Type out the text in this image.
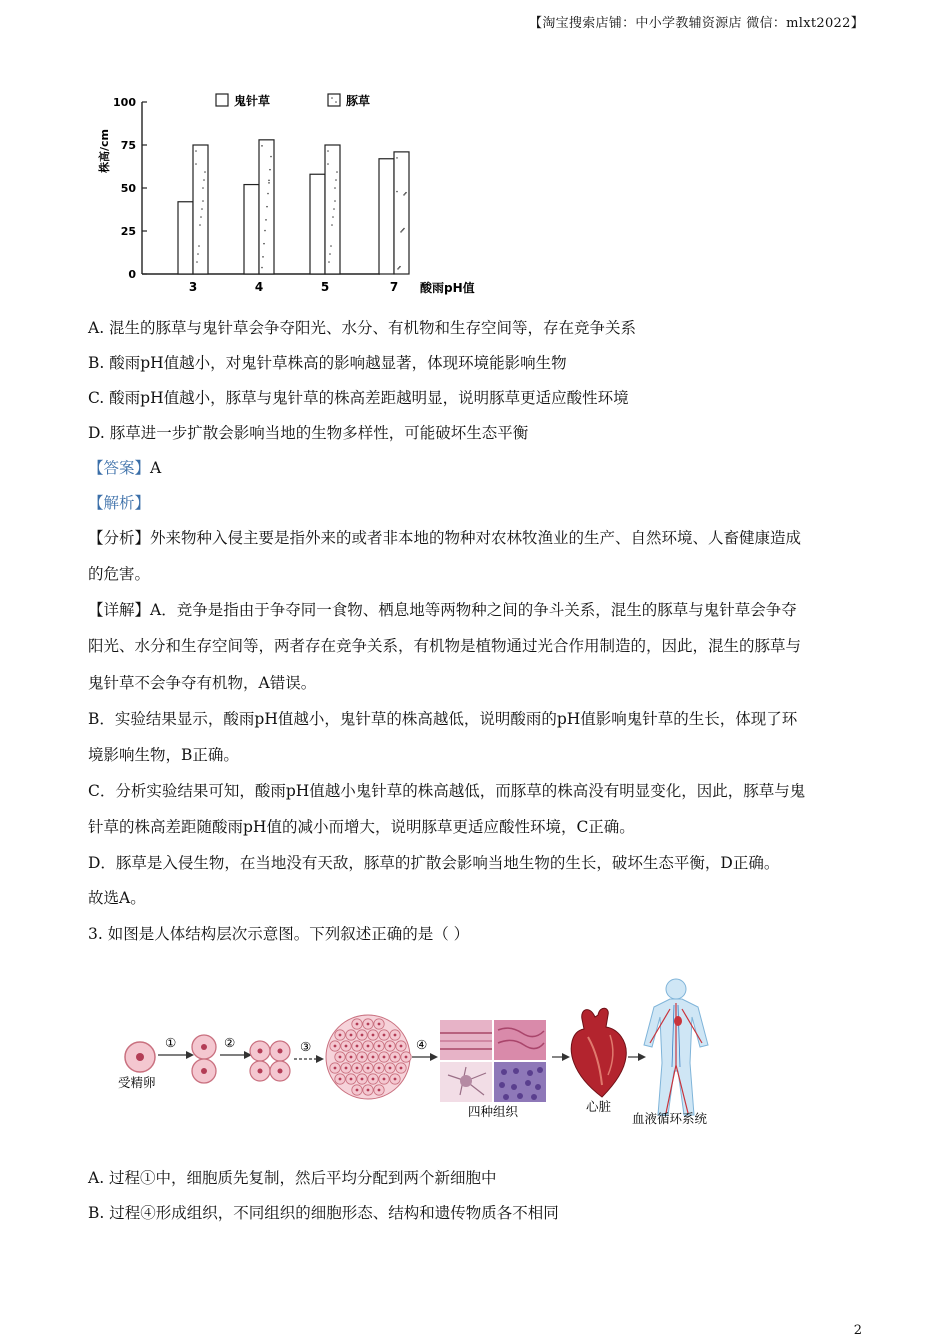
【淘宝搜索店铺：中小学教辅资源店 微信：mlxt2022】
0
25
50
75
100
株高/cm
3	4	5	7 酸雨pH值
鬼针草	豚草
A. 混生的豚草与鬼针草会争夺阳光、水分、有机物和生存空间等，存在竞争关系
B. 酸雨pH值越小，对鬼针草株高的影响越显著，体现环境能影响生物
C. 酸雨pH值越小，豚草与鬼针草的株高差距越明显，说明豚草更适应酸性环境
D. 豚草进一步扩散会影响当地的生物多样性，可能破坏生态平衡
【答案】A
【解析】
【分析】外来物种入侵主要是指外来的或者非本地的物种对农林牧渔业的生产、自然环境、人畜健康造成
的危害。
【详解】A．竞争是指由于争夺同一食物、栖息地等两物种之间的争斗关系，混生的豚草与鬼针草会争夺
阳光、水分和生存空间等，两者存在竞争关系，有机物是植物通过光合作用制造的，因此，混生的豚草与
鬼针草不会争夺有机物，A错误。
B．实验结果显示，酸雨pH值越小，鬼针草的株高越低，说明酸雨的pH值影响鬼针草的生长，体现了环
境影响生物，B正确。
C．分析实验结果可知，酸雨pH值越小鬼针草的株高越低，而豚草的株高没有明显变化，因此，豚草与鬼
针草的株高差距随酸雨pH值的减小而增大，说明豚草更适应酸性环境，C正确。
D．豚草是入侵生物，在当地没有天敌，豚草的扩散会影响当地生物的生长，破坏生态平衡，D正确。
故选A。
3. 如图是人体结构层次示意图。下列叙述正确的是（ ）
受精卵
①	②	③	④
四种组织	心脏
血液循环系统
A. 过程①中，细胞质先复制，然后平均分配到两个新细胞中
B. 过程④形成组织，不同组织的细胞形态、结构和遗传物质各不相同
2
